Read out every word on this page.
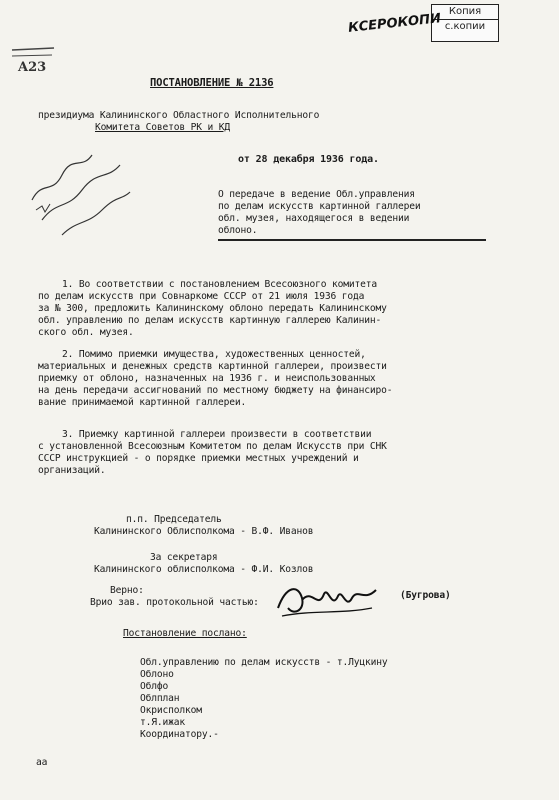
Копия
с.копии
КСЕРОКОПИ
A23
ПОСТАНОВЛЕНИЕ № 2136
президиума Калининского Областного Исполнительного
Комитета Советов РК и КД
от 28 декабря 1936 года.
О передаче в ведение Обл.управления
по делам искусств картинной галлереи
обл. музея, находящегося в ведении
облоно.
1. Во соответствии с постановлением Всесоюзного комитета
по делам искусств при Совнаркоме СССР от 21 июля 1936 года
за № 300, предложить Калининскому облоно передать Калининскому
обл. управлению по делам искусств картинную галлерею Калинин-
ского обл. музея.
2. Помимо приемки имущества, художественных ценностей,
материальных и денежных средств картинной галлереи, произвести
приемку от облоно, назначенных на 1936 г. и неиспользованных
на день передачи ассигнований по местному бюджету на финансиро-
вание принимаемой картинной галлереи.
3. Приемку картинной галлереи произвести в соответствии
с установленной Всесоюзным Комитетом по делам Искусств при СНК
СССР инструкцией - о порядке приемки местных учреждений и
организаций.
п.п. Председатель
Калининского Облисполкома - В.Ф. Иванов
За секретаря
Калининского облисполкома - Ф.И. Козлов
Верно:
Врио зав. протокольной частью:
(Бугрова)
Постановление послано:
Обл.управлению по делам искусств - т.Луцкину
Облоно
Облфо
Облплан
Окрисполком
т.Я.ижак
Координатору.-
аа
